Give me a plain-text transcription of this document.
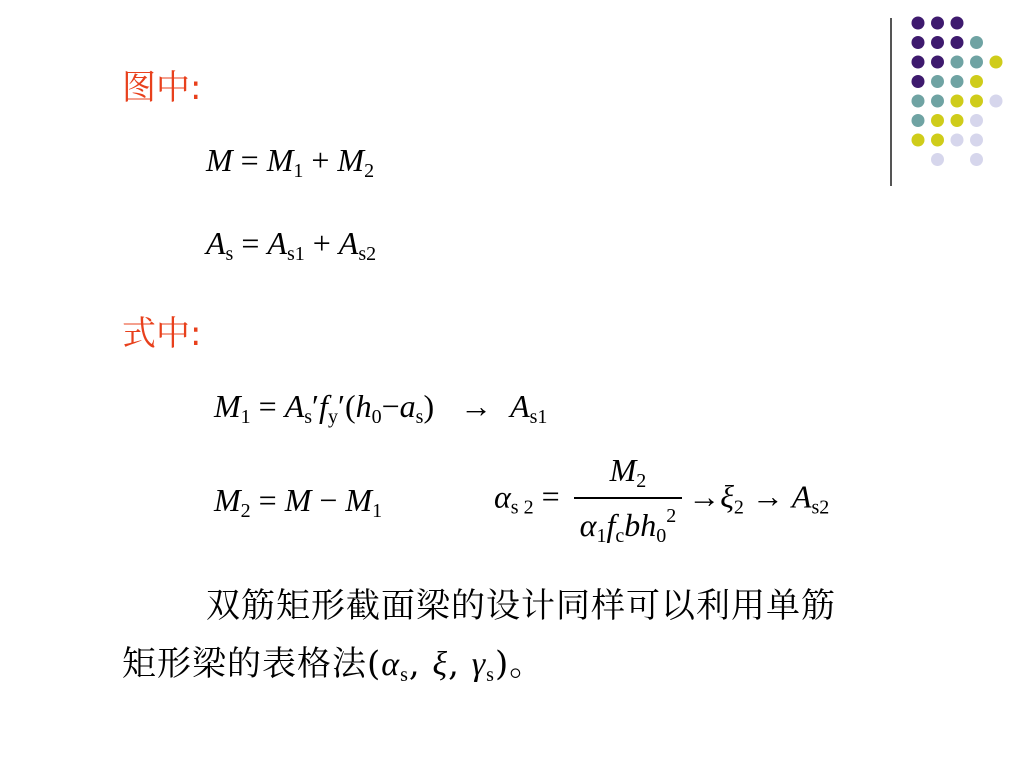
图中:
式中:
$M = M_1 + M_2$
$A_s = A_{s1} + A_{s2}$
$M_1 = A_s'f_y'(h_0-a_s) \to A_{s1}$
$M_2 = M - M_1$	$\alpha_{s 2} = \frac{M_2}{\alpha_1f_cbh_0^2} \to\xi_2 \to A_{s2}$
双筋矩形截面梁的设计同样可以利用单筋
矩形梁的表格法($\alpha_s$, ξ, $\gamma_s$)。
